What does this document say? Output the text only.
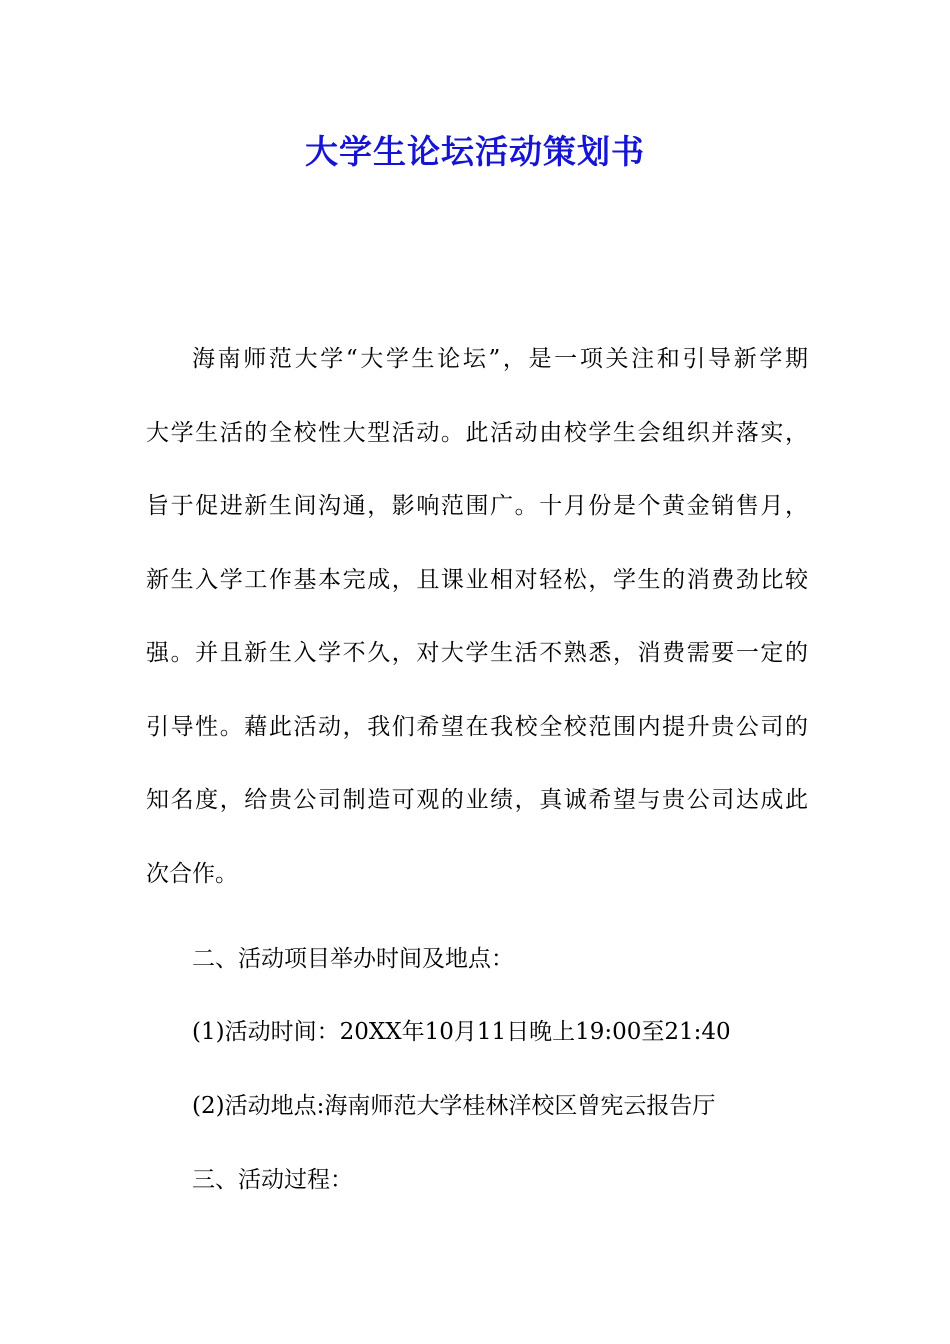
大学生论坛活动策划书
海南师范大学“大学生论坛”，是一项关注和引导新学期
大学生活的全校性大型活动。此活动由校学生会组织并落实，
旨于促进新生间沟通，影响范围广。十月份是个黄金销售月，
新生入学工作基本完成，且课业相对轻松，学生的消费劲比较
强。并且新生入学不久，对大学生活不熟悉，消费需要一定的
引导性。藉此活动，我们希望在我校全校范围内提升贵公司的
知名度，给贵公司制造可观的业绩，真诚希望与贵公司达成此
次合作。

二、活动项目举办时间及地点：

(1)活动时间：20XX年10月11日晚上19:00至21:40

(2)活动地点:海南师范大学桂林洋校区曾宪云报告厅

三、活动过程：
